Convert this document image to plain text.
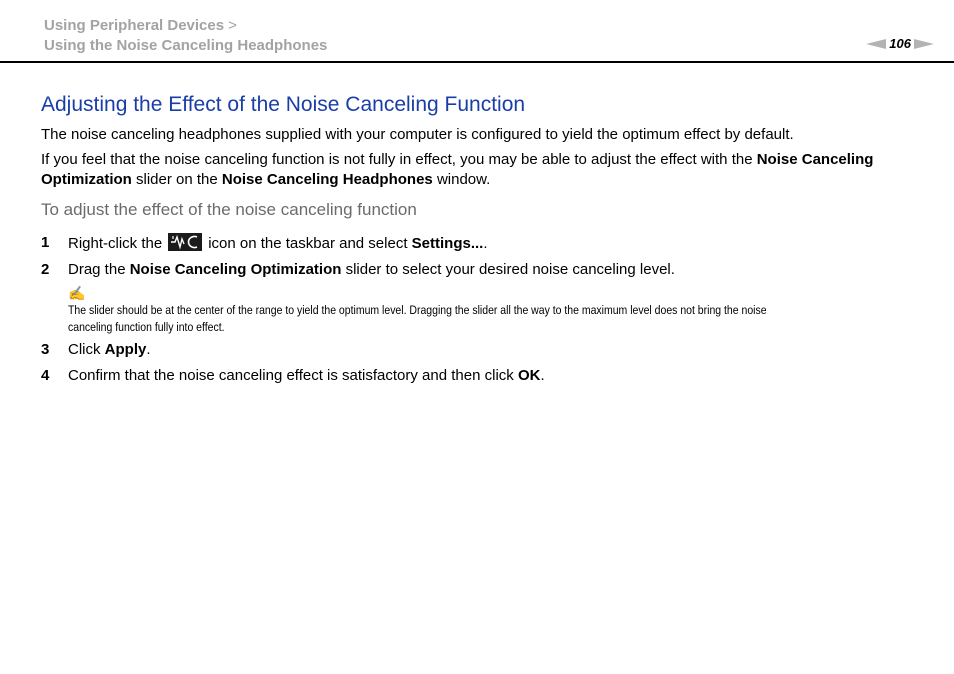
Using Peripheral Devices >
Using the Noise Canceling Headphones	106
Adjusting the Effect of the Noise Canceling Function

The noise canceling headphones supplied with your computer is configured to yield the optimum effect by default.

If you feel that the noise canceling function is not fully in effect, you may be able to adjust the effect with the Noise Canceling Optimization slider on the Noise Canceling Headphones window.

To adjust the effect of the noise canceling function
1	Right-click the	icon on the taskbar and select Settings....
2	Drag the Noise Canceling Optimization slider to select your desired noise canceling level.
✍
The slider should be at the center of the range to yield the optimum level. Dragging the slider all the way to the maximum level does not bring the noise
canceling function fully into effect.
3	Click Apply.
4	Confirm that the noise canceling effect is satisfactory and then click OK.
